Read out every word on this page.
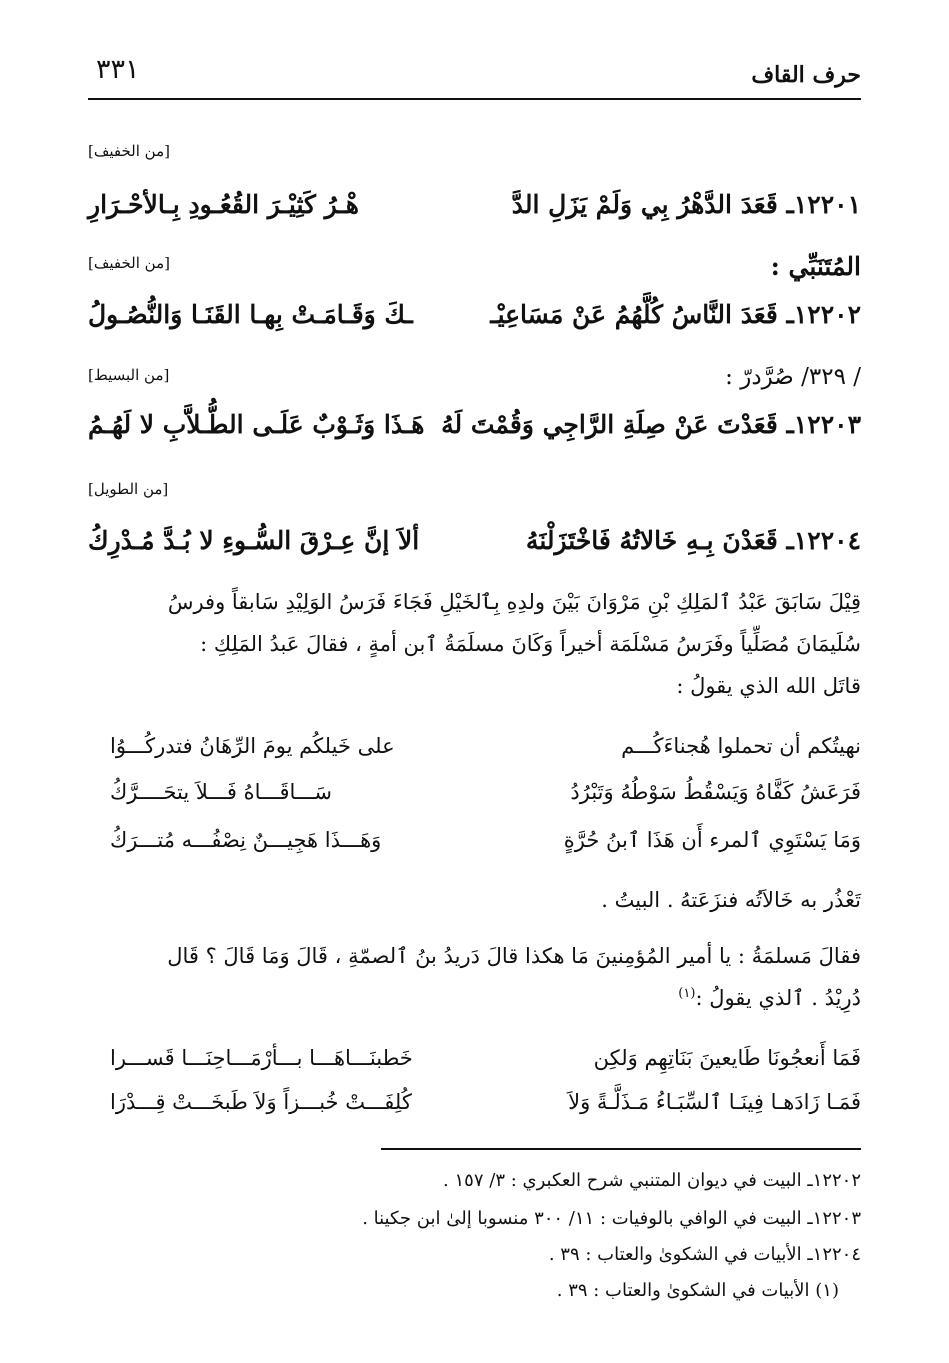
حرف القاف
٣٣١
[من الخفيف]
١٢٢٠١ـ قَعَدَ الدَّهْرُ بِي وَلَمْ يَزَلِ الدَّ
هْـرُ كَثِيْـرَ القُعُـودِ بِـالأحْـرَارِ
المُتَنَبِّي :
[من الخفيف]
١٢٢٠٢ـ قَعَدَ النَّاسُ كُلَّهُمُ عَنْ مَسَاعِيْـ
ـكَ وَقَـامَـتْ بِهـا القَنَـا وَالنُّصُـولُ
/ ٣٢٩/ صُرَّدرّ :
[من البسيط]
١٢٢٠٣ـ قَعَدْتَ عَنْ صِلَةِ الرَّاجِي وَقُمْتَ لَهُ
هَـذَا وَثَـوْبٌ عَلَـى الطُّـلاَّبِ لا لَهُـمُ
[من الطويل]
١٢٢٠٤ـ قَعَدْنَ بِـهِ خَالاتُهُ فَاخْتَزَلْنَهُ
ألاَ إنَّ عِـرْقَ السُّـوءِ لا بُـدَّ مُـدْرِكُ
قِيْلَ سَابَقَ عَبْدُ ٱلمَلِكِ بْنِ مَرْوَانَ بَيْنَ ولدِهِ بِٱلخَيْلِ فَجَاءَ فَرَسُ الوَلِيْدِ سَابقاً وفرسُ
سُلَيمَانَ مُصَلِّياً وفَرَسُ مَسْلَمَة أخيراً وَكَانَ مسلَمَةُ ٱبن أمةٍ ، فقالَ عَبدُ المَلِكِ :
قاتَل الله الذي يقولُ :
نهيتُكم أن تحملوا هُجناءَكُـــم
على خَيلكُم يومَ الرِّهَانُ فتدركُـــوُا
فَرَعَشُ كَفَّاهُ وَيَسْقُطُ سَوْطُهُ وَتَبْرُدُ
سَـــاقَـــاهُ فَـــلاَ يتحَــــرَّكُ
وَمَا يَسْتَوِي ٱلمرء أَن هَذَا ٱبنُ حُرَّةٍ
وَهَـــذَا هَجِيـــنٌ نِصْفُـــه مُتـــرَكُ
تَعْذُر به خَالاَتُه فنزَعَتهُ . البيتُ .
فقالَ مَسلمَةُ : يا أمير المُؤمِنينَ مَا هكذا قالَ دَريدُ بنُ ٱلصمّةِ ، قَالَ وَمَا قَالَ ؟ قَال
دُرِيْدُ . ٱلذي يقولُ :$^{(١)}$
فَمَا أَنعجُونَا طَايعينَ بَنَاتِهِم وَلكِن
خَطبنَـــاهَـــا بـــأرْمَـــاحِنَـــا قَســـرا
فَمَـا زَادَهـا فِينَـا ٱلسِّبَـاءُ مَـذَلَّـةً وَلاَ
كُلِفَـــتْ خُبـــزاً وَلاَ طَبخَـــتْ قِـــدْرَا
١٢٢٠٢ـ البيت في ديوان المتنبي شرح العكبري : ٣/ ١٥٧ .
١٢٢٠٣ـ البيت في الوافي بالوفيات : ١١/ ٣٠٠ منسوبا إلىٰ ابن جكينا .
١٢٢٠٤ـ الأبيات في الشكوىٰ والعتاب : ٣٩ .
(١) الأبيات في الشكوىٰ والعتاب : ٣٩ .
